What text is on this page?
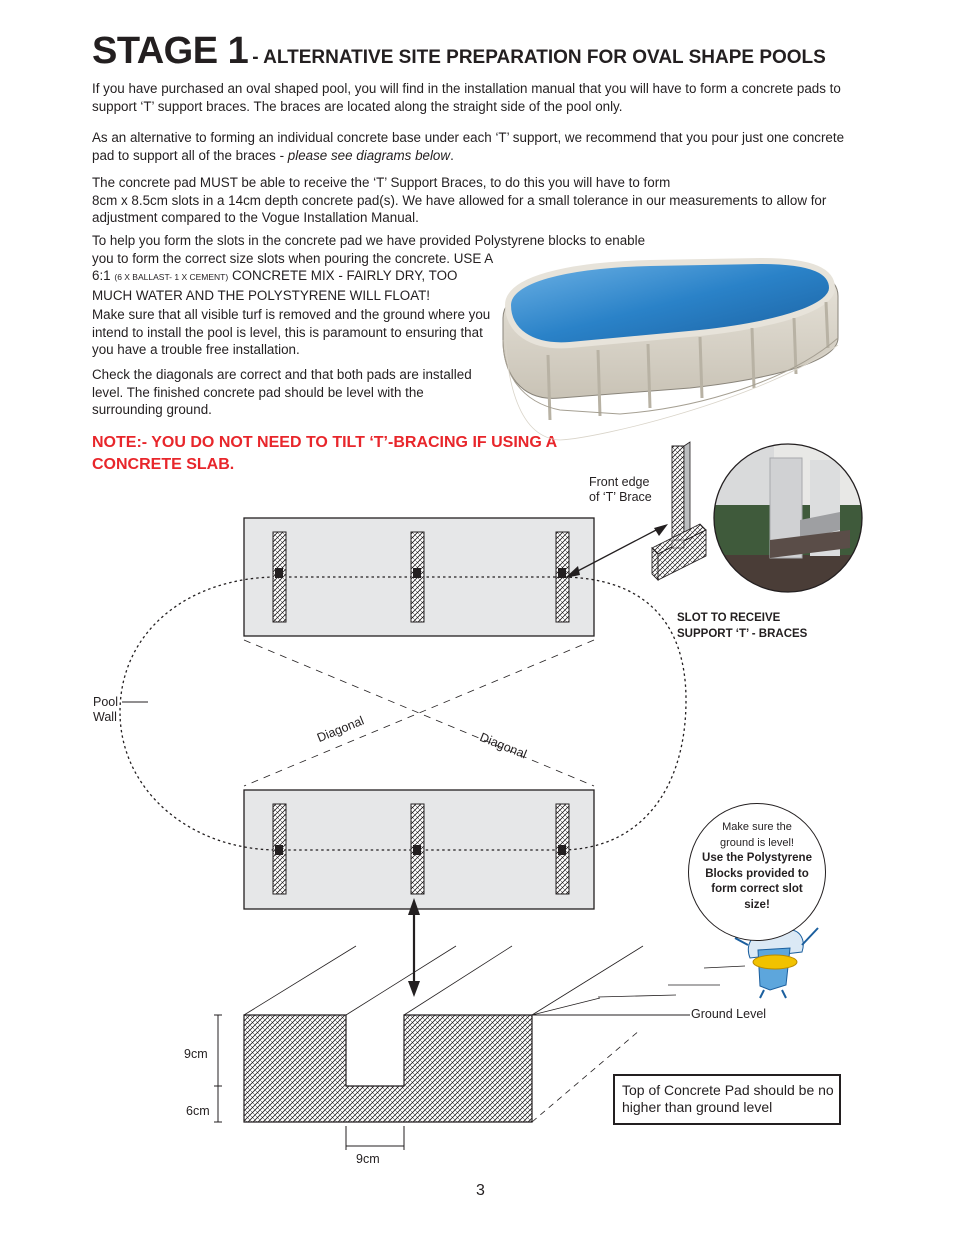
STAGE 1 - ALTERNATIVE SITE PREPARATION FOR OVAL SHAPE POOLS

If you have purchased an oval shaped pool, you will find in the installation manual that you will have to form a concrete pads to support ‘T’ support braces. The braces are located along the straight side of the pool only.

As an alternative to forming an individual concrete base under each ‘T’ support, we recommend that you pour just one concrete pad to support all of the braces - please see diagrams below.

The concrete pad MUST be able to receive the ‘T’ Support Braces, to do this you will have to form
8cm x 8.5cm slots in a 14cm depth concrete pad(s). We have allowed for a small tolerance in our measurements to allow for adjustment compared to the Vogue Installation Manual.

To help you form the slots in the concrete pad we have provided Polystyrene blocks to enable you to form the correct size slots when pouring the concrete. USE A
6:1 (6 X BALLAST- 1 X CEMENT) CONCRETE MIX - FAIRLY DRY, TOO
MUCH WATER AND THE POLYSTYRENE WILL FLOAT!

Make sure that all visible turf is removed and the ground where you intend to install the pool is level, this is paramount to ensuring that you have a trouble free installation.

Check the diagonals are correct and that both pads are installed level. The finished concrete pad should be level with the surrounding ground.

NOTE:- YOU DO NOT NEED TO TILT ‘T’-BRACING IF USING A CONCRETE SLAB.
Front edge
of ‘T’ Brace
SLOT TO RECEIVE
SUPPORT ‘T’ - BRACES
Pool
Wall	Diagonal
Diagonal
Ground Level
9cm
6cm
9cm
Make sure the ground is level!
Use the Polystyrene Blocks provided to form correct slot size!
Top of Concrete Pad should be no higher than ground level
3
